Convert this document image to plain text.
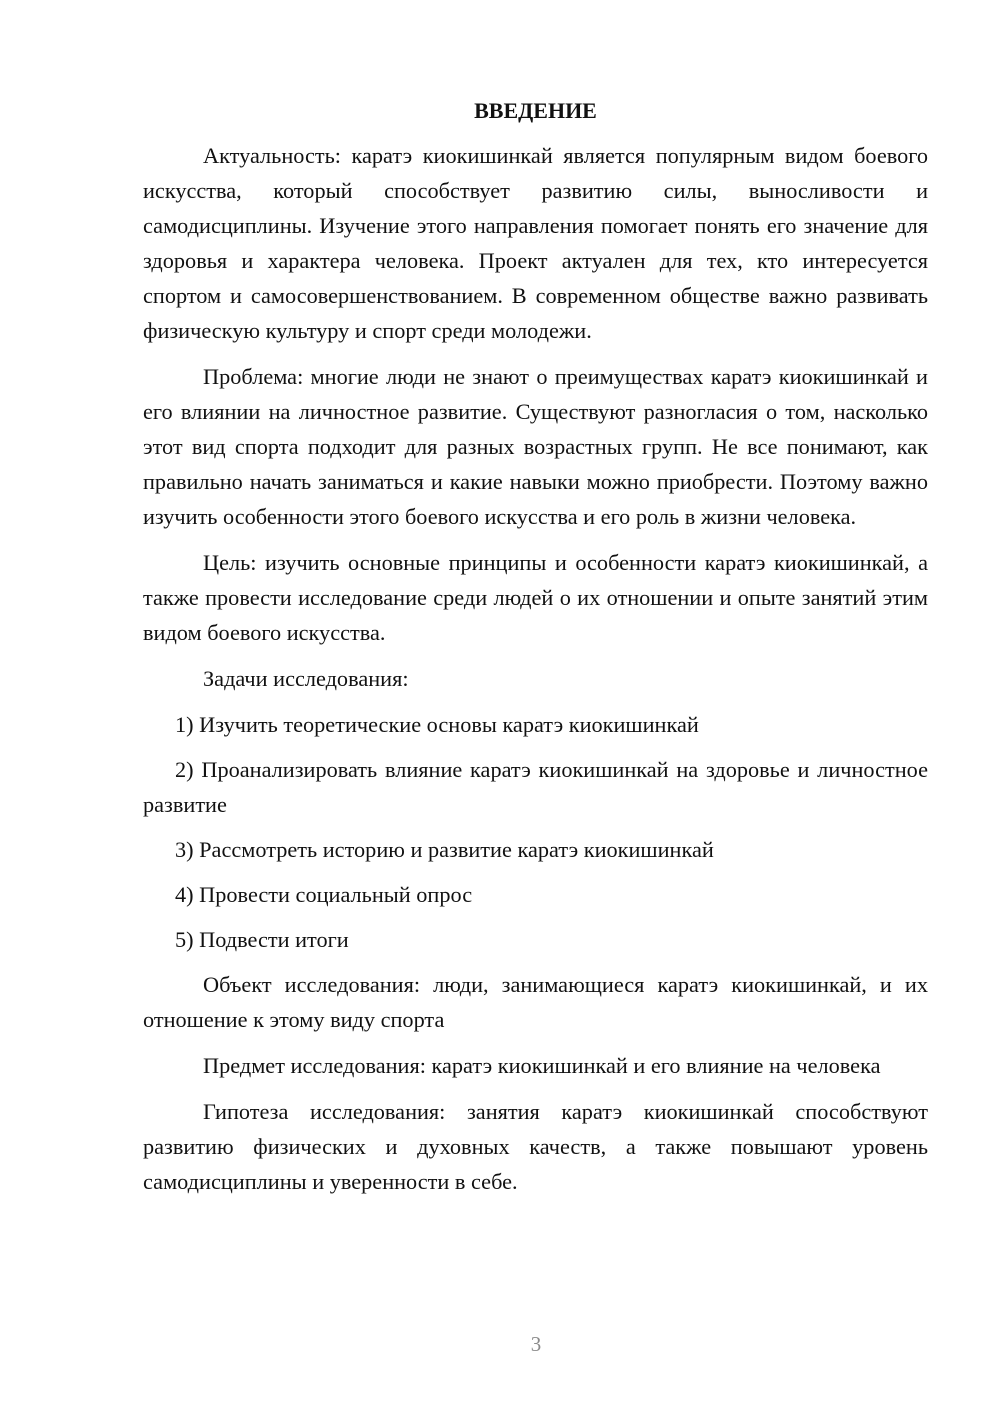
ВВЕДЕНИЕ

Актуальность: каратэ киокишинкай является популярным видом боевого искусства, который способствует развитию силы, выносливости и самодисциплины. Изучение этого направления помогает понять его значение для здоровья и характера человека. Проект актуален для тех, кто интересуется спортом и самосовершенствованием. В современном обществе важно развивать физическую культуру и спорт среди молодежи.

Проблема: многие люди не знают о преимуществах каратэ киокишинкай и его влиянии на личностное развитие. Существуют разногласия о том, насколько этот вид спорта подходит для разных возрастных групп. Не все понимают, как правильно начать заниматься и какие навыки можно приобрести. Поэтому важно изучить особенности этого боевого искусства и его роль в жизни человека.

Цель: изучить основные принципы и особенности каратэ киокишинкай, а также провести исследование среди людей о их отношении и опыте занятий этим видом боевого искусства.

Задачи исследования:

1) Изучить теоретические основы каратэ киокишинкай

2) Проанализировать влияние каратэ киокишинкай на здоровье и личностное развитие

3) Рассмотреть историю и развитие каратэ киокишинкай

4) Провести социальный опрос

5) Подвести итоги

Объект исследования: люди, занимающиеся каратэ киокишинкай, и их отношение к этому виду спорта

Предмет исследования: каратэ киокишинкай и его влияние на человека

Гипотеза исследования: занятия каратэ киокишинкай способствуют развитию физических и духовных качеств, а также повышают уровень самодисциплины и уверенности в себе.

3
